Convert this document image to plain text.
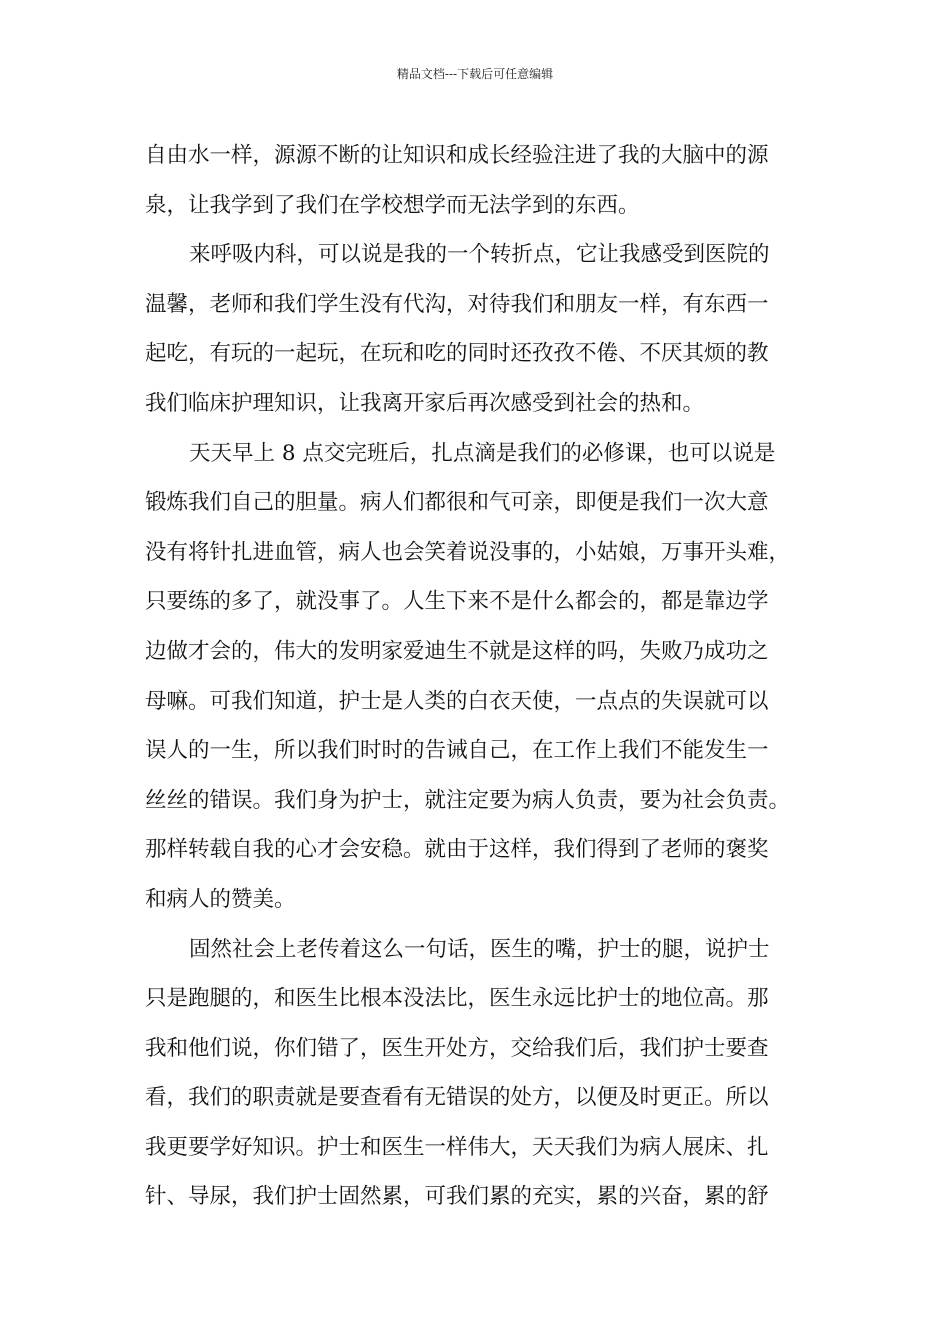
精品文档---下载后可任意编辑
自由水一样，源源不断的让知识和成长经验注进了我的大脑中的源
泉，让我学到了我们在学校想学而无法学到的东西。
来呼吸内科，可以说是我的一个转折点，它让我感受到医院的
温馨，老师和我们学生没有代沟，对待我们和朋友一样，有东西一
起吃，有玩的一起玩，在玩和吃的同时还孜孜不倦、不厌其烦的教
我们临床护理知识，让我离开家后再次感受到社会的热和。
天天早上 8 点交完班后，扎点滴是我们的必修课，也可以说是
锻炼我们自己的胆量。病人们都很和气可亲，即便是我们一次大意
没有将针扎进血管，病人也会笑着说没事的，小姑娘，万事开头难，
只要练的多了，就没事了。人生下来不是什么都会的，都是靠边学
边做才会的，伟大的发明家爱迪生不就是这样的吗，失败乃成功之
母嘛。可我们知道，护士是人类的白衣天使，一点点的失误就可以
误人的一生，所以我们时时的告诫自己，在工作上我们不能发生一
丝丝的错误。我们身为护士，就注定要为病人负责，要为社会负责。
那样转载自我的心才会安稳。就由于这样，我们得到了老师的褒奖
和病人的赞美。
固然社会上老传着这么一句话，医生的嘴，护士的腿，说护士
只是跑腿的，和医生比根本没法比，医生永远比护士的地位高。那
我和他们说，你们错了，医生开处方，交给我们后，我们护士要查
看，我们的职责就是要查看有无错误的处方，以便及时更正。所以
我更要学好知识。护士和医生一样伟大，天天我们为病人展床、扎
针、导尿，我们护士固然累，可我们累的充实，累的兴奋，累的舒
